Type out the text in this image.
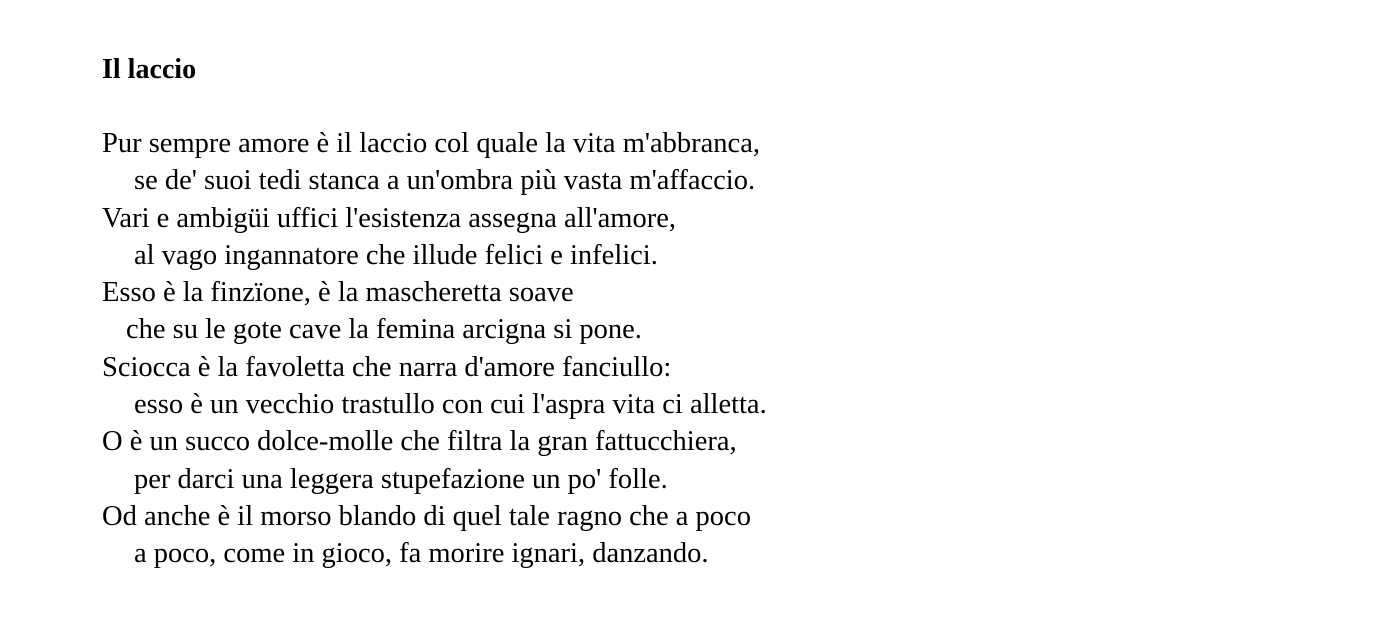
Il laccio

Pur sempre amore è il laccio col quale la vita m'abbranca,

se de' suoi tedi stanca a un'ombra più vasta m'affaccio.

Vari e ambigüi uffici l'esistenza assegna all'amore,

al vago ingannatore che illude felici e infelici.

Esso è la finzïone, è la mascheretta soave

che su le gote cave la femina arcigna si pone.

Sciocca è la favoletta che narra d'amore fanciullo:

esso è un vecchio trastullo con cui l'aspra vita ci alletta.

O è un succo dolce-molle che filtra la gran fattucchiera,

per darci una leggera stupefazione un po' folle.

Od anche è il morso blando di quel tale ragno che a poco

a poco, come in gioco, fa morire ignari, danzando.
